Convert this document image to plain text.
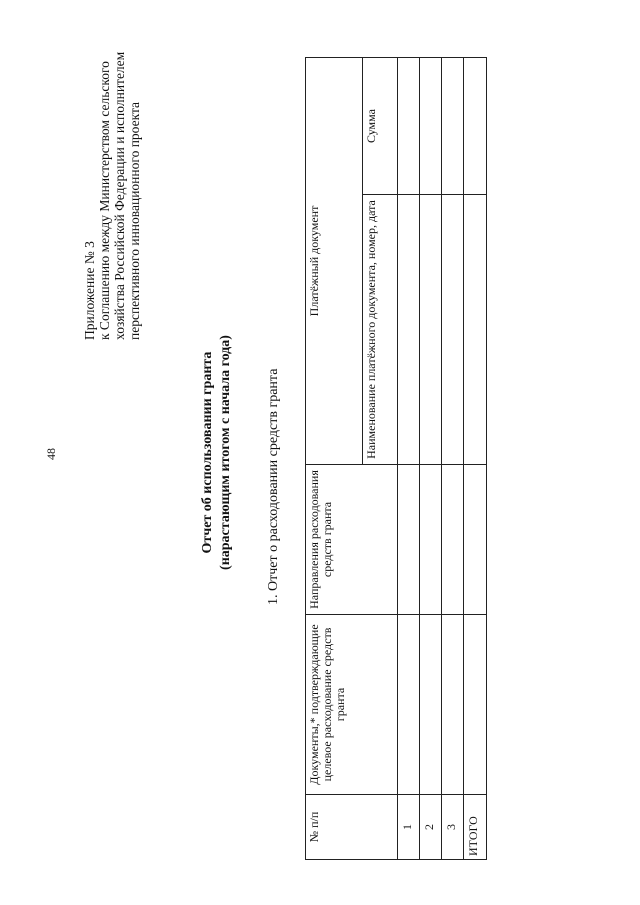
48
Приложение № 3 к Соглашению между Министерством сельского хозяйства Российской Федерации и исполнителем перспективного инновационного проекта
Отчет об использовании гранта (нарастающим итогом с начала года) 1. Отчет о расходовании средств гранта
№ п/п	Документы,* подтверждающие целевое расходование средств гранта	Направления расходования средств гранта	Платёжный документ	
			Наименование платёжного документа, номер, дата	Сумма
1				
2				
3				
ИТОГО				
